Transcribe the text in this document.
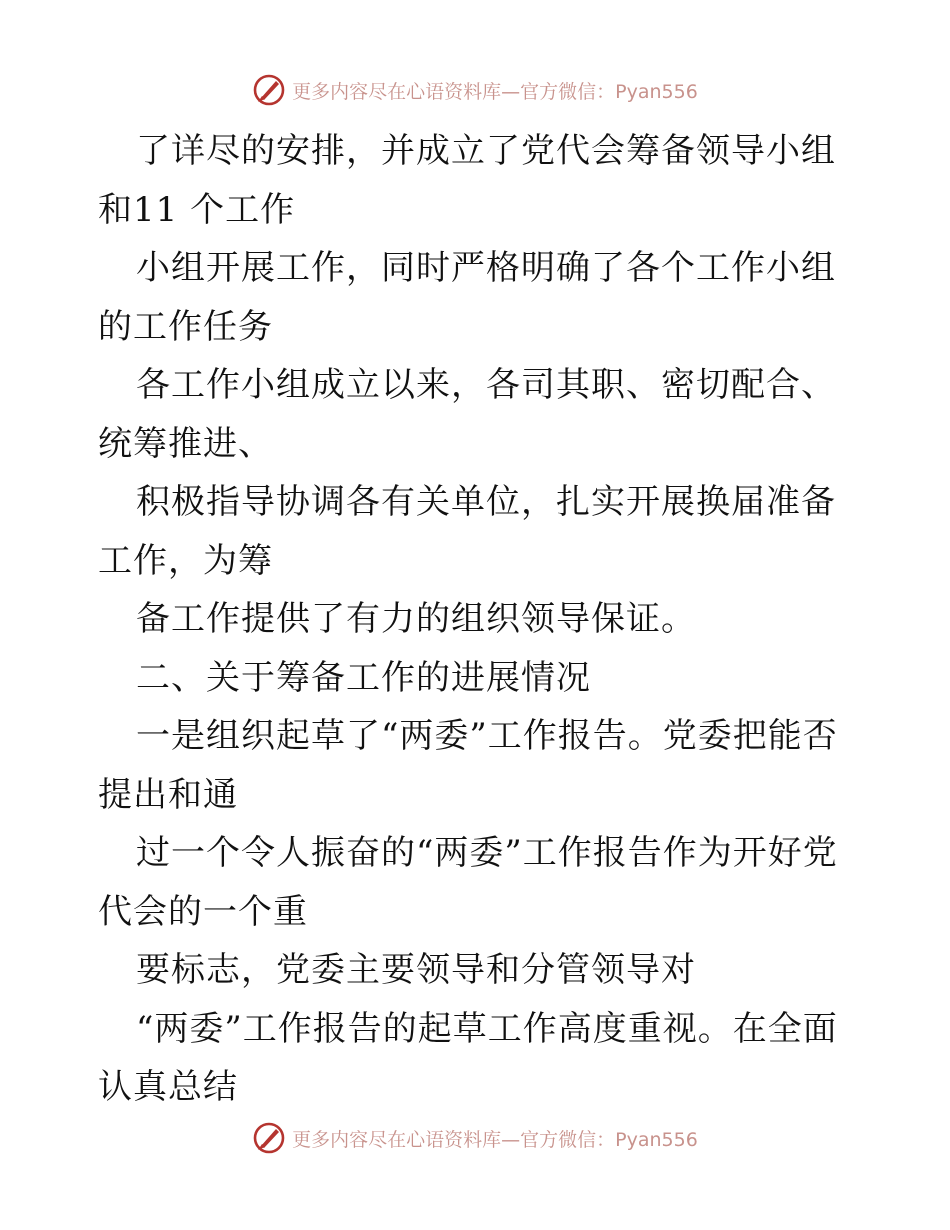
更多内容尽在心语资料库—官方微信：Pyan556

了详尽的安排，并成立了党代会筹备领导小组和11 个工作

小组开展工作，同时严格明确了各个工作小组的工作任务

各工作小组成立以来，各司其职、密切配合、统筹推进、

积极指导协调各有关单位，扎实开展换届准备工作，为筹

备工作提供了有力的组织领导保证。

二、关于筹备工作的进展情况

一是组织起草了“两委”工作报告。党委把能否提出和通

过一个令人振奋的“两委”工作报告作为开好党代会的一个重

要标志，党委主要领导和分管领导对

“两委”工作报告的起草工作高度重视。在全面认真总结

更多内容尽在心语资料库—官方微信：Pyan556
